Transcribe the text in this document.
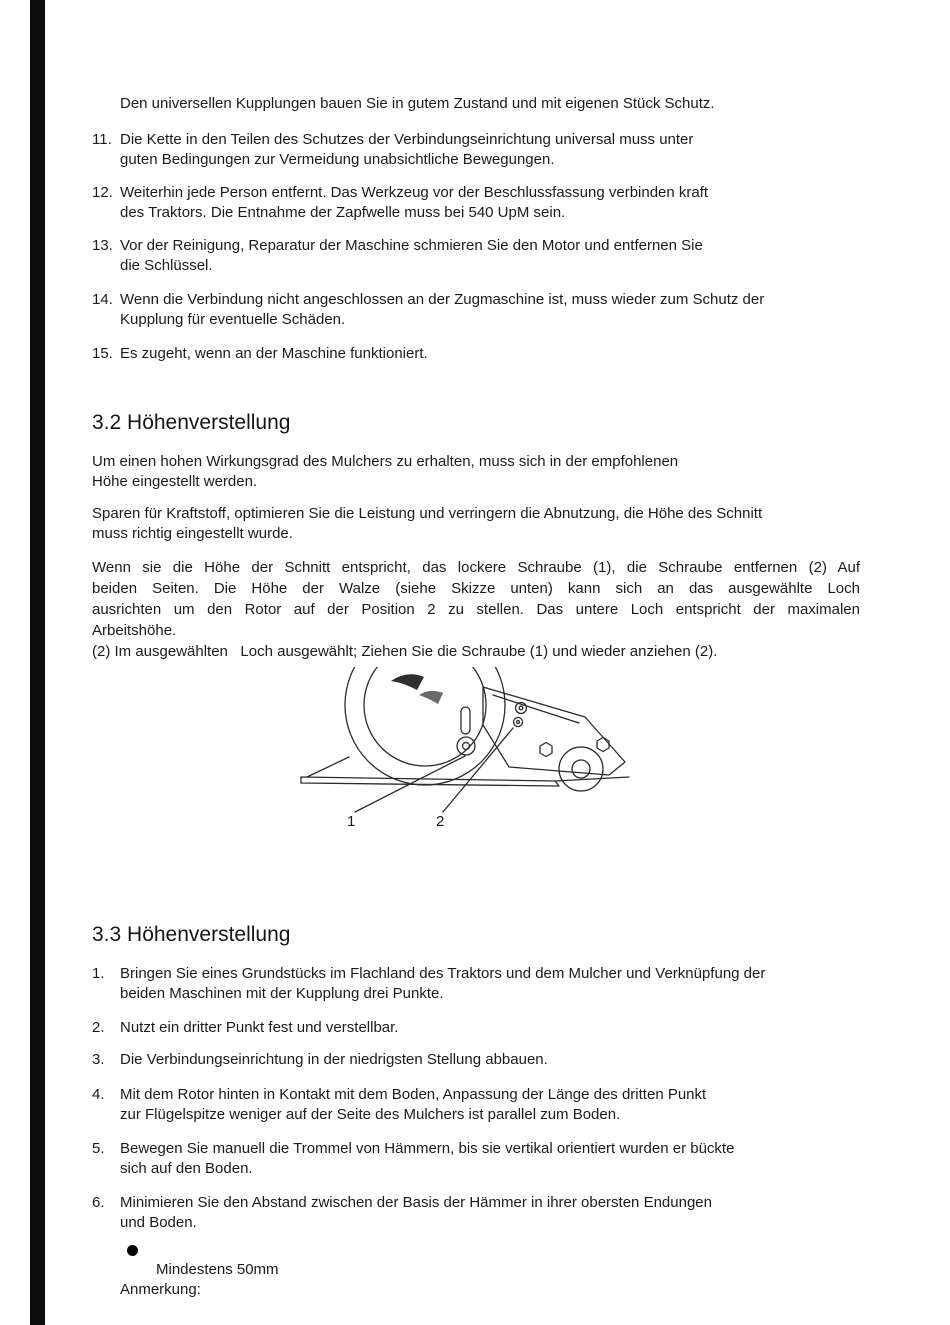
Den universellen Kupplungen bauen Sie in gutem Zustand und mit eigenen Stück Schutz.
11. Die Kette in den Teilen des Schutzes der Verbindungseinrichtung universal muss unter
guten Bedingungen zur Vermeidung unabsichtliche Bewegungen.
12. Weiterhin jede Person entfernt. Das Werkzeug vor der Beschlussfassung verbinden kraft
des Traktors. Die Entnahme der Zapfwelle muss bei 540 UpM sein.
13. Vor der Reinigung, Reparatur der Maschine schmieren Sie den Motor und entfernen Sie
die Schlüssel.
14. Wenn die Verbindung nicht angeschlossen an der Zugmaschine ist, muss wieder zum Schutz der
Kupplung für eventuelle Schäden.
15. Es zugeht, wenn an der Maschine funktioniert.
3.2 Höhenverstellung
Um einen hohen Wirkungsgrad des Mulchers zu erhalten, muss sich in der empfohlenen
Höhe eingestellt werden.
Sparen für Kraftstoff, optimieren Sie die Leistung und verringern die Abnutzung, die Höhe des Schnitt
muss richtig eingestellt wurde.
Wenn sie die Höhe der Schnitt entspricht, das lockere Schraube (1), die Schraube entfernen (2) Auf
beiden Seiten. Die Höhe der Walze (siehe Skizze unten) kann sich an das ausgewählte Loch
ausrichten um den Rotor auf der Position 2 zu stellen. Das untere Loch entspricht der maximalen
Arbeitshöhe.
(2) Im ausgewählten   Loch ausgewählt; Ziehen Sie die Schraube (1) und wieder anziehen (2).
1	2
3.3 Höhenverstellung
1.	Bringen Sie eines Grundstücks im Flachland des Traktors und dem Mulcher und Verknüpfung der
beiden Maschinen mit der Kupplung drei Punkte.
2.	Nutzt ein dritter Punkt fest und verstellbar.
3.	Die Verbindungseinrichtung in der niedrigsten Stellung abbauen.
4.	Mit dem Rotor hinten in Kontakt mit dem Boden, Anpassung der Länge des dritten Punkt
zur Flügelspitze weniger auf der Seite des Mulchers ist parallel zum Boden.
5.	Bewegen Sie manuell die Trommel von Hämmern, bis sie vertikal orientiert wurden er bückte
sich auf den Boden.
6.	Minimieren Sie den Abstand zwischen der Basis der Hämmer in ihrer obersten Endungen
und Boden.
Mindestens 50mm
Anmerkung:
